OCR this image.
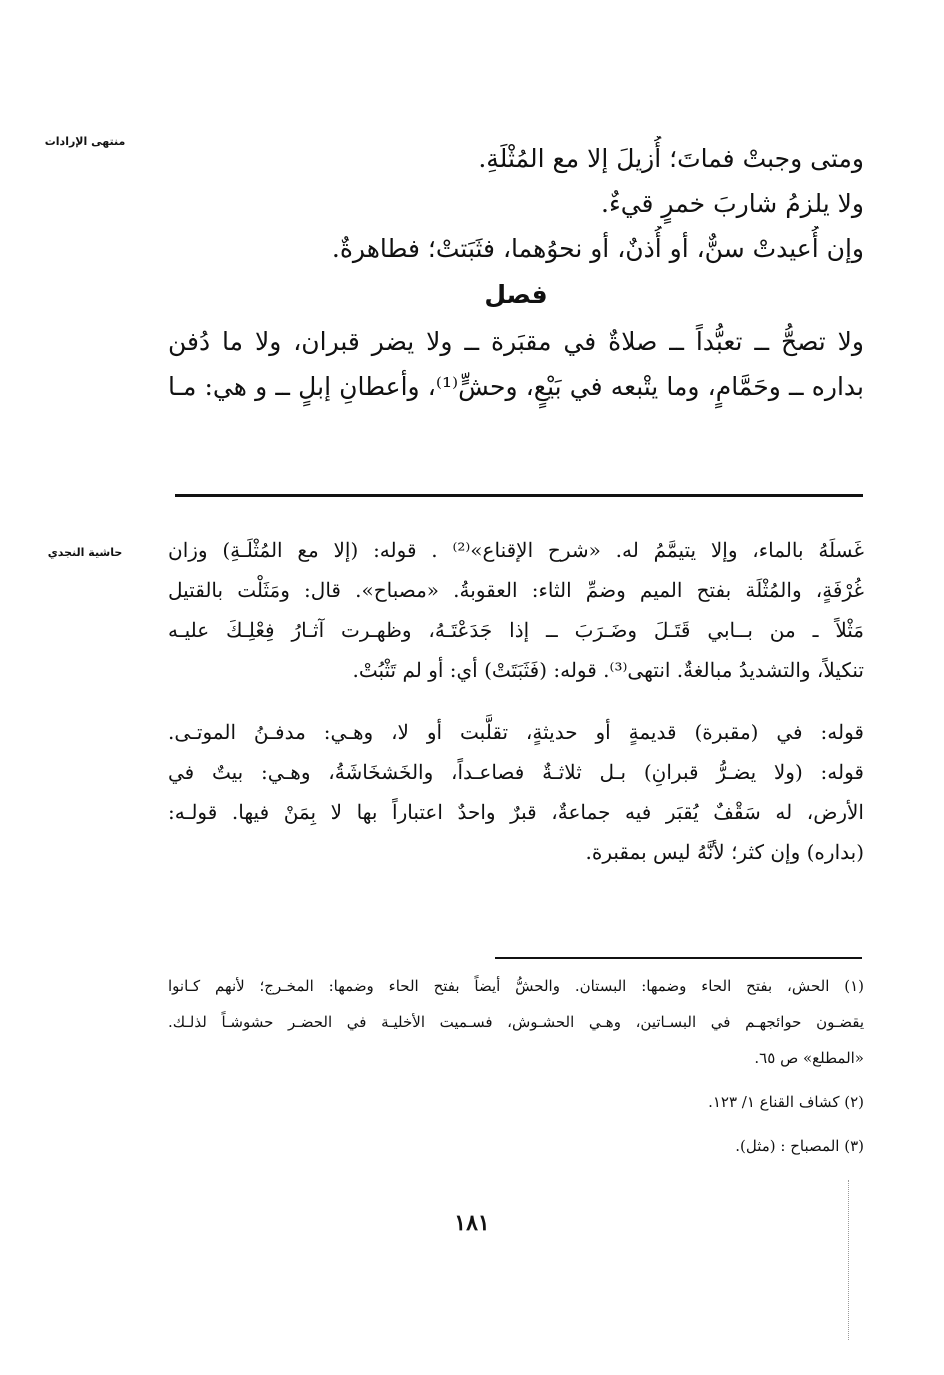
منتهى الإرادات
ومتى وجبتْ فماتَ؛ أُزيلَ إلا مع المُثْلَةِ.
ولا يلزمُ شاربَ خمرٍ قيءٌ.
وإن أُعيدتْ سنٌّ، أو أُذنٌ، أو نحوُهما، فثَبَتتْ؛ فطاهرةٌ.
فصل
ولا تصحُّ ــ تعبُّداً ــ صلاةٌ في مقبَرة ــ ولا يضر قبران، ولا ما دُفن
بداره ــ وحَمَّامٍ، وما يتْبعه في بَيْعٍ، وحشٍّ⁽¹⁾، وأعطانِ إبلٍ ــ و هي: مـا
حاشية النجدي	غَسلَهُ بالماء، وإلا يتيمَّمُ له. «شرح الإقناع»⁽²⁾ . قوله: (إلا مع المُثْلَـةِ) وزان
غُرْفَةٍ، والمُثْلَة بفتح الميم وضمِّ الثاء: العقوبةُ. «مصباح». قال: ومَثَلْت بالقتيل
مَثْلاً ـ من بــابي قَتَـلَ وضَـرَبَ ــ إذا جَدَعْتَـهُ، وظهـرت آثـارُ فِعْلِـكَ عليـه
تنكيلاً، والتشديدُ مبالغةٌ. انتهى⁽³⁾. قوله: (فَثَبَتَتْ) أي: أو لم تَثْبُتْ.
قوله: في (مقبرة) قديمةٍ أو حديثةٍ، تقلَّبت أو لا، وهـي: مدفـنُ الموتـى.
قوله: (ولا يضـرُّ قبرانِ) بـل ثلاثـةٌ فصاعـداً، والخَشخَاشَةُ، وهـي: بيتٌ في
الأرض، له سَقْفٌ يُقبَر فيه جماعةٌ، قبرٌ واحدٌ اعتباراً بها لا بِمَنْ فيها. قولـه:
(بداره) وإن كثر؛ لأنَّهُ ليس بمقبرة.
(١) الحش، بفتح الحاء وضمها: البستان. والحشُّ أيضاً بفتح الحاء وضمها: المخـرج؛ لأنهم كـانوا
يقضـون حوائجهـم في البسـاتين، وهـي الحشـوش، فسـميت الأخليـة في الحضـر حشوشـاً لذلـك.
«المطلع» ص ٦٥.
(٢) كشاف القناع ١/ ١٢٣.
(٣) المصباح : (مثل).
١٨١
